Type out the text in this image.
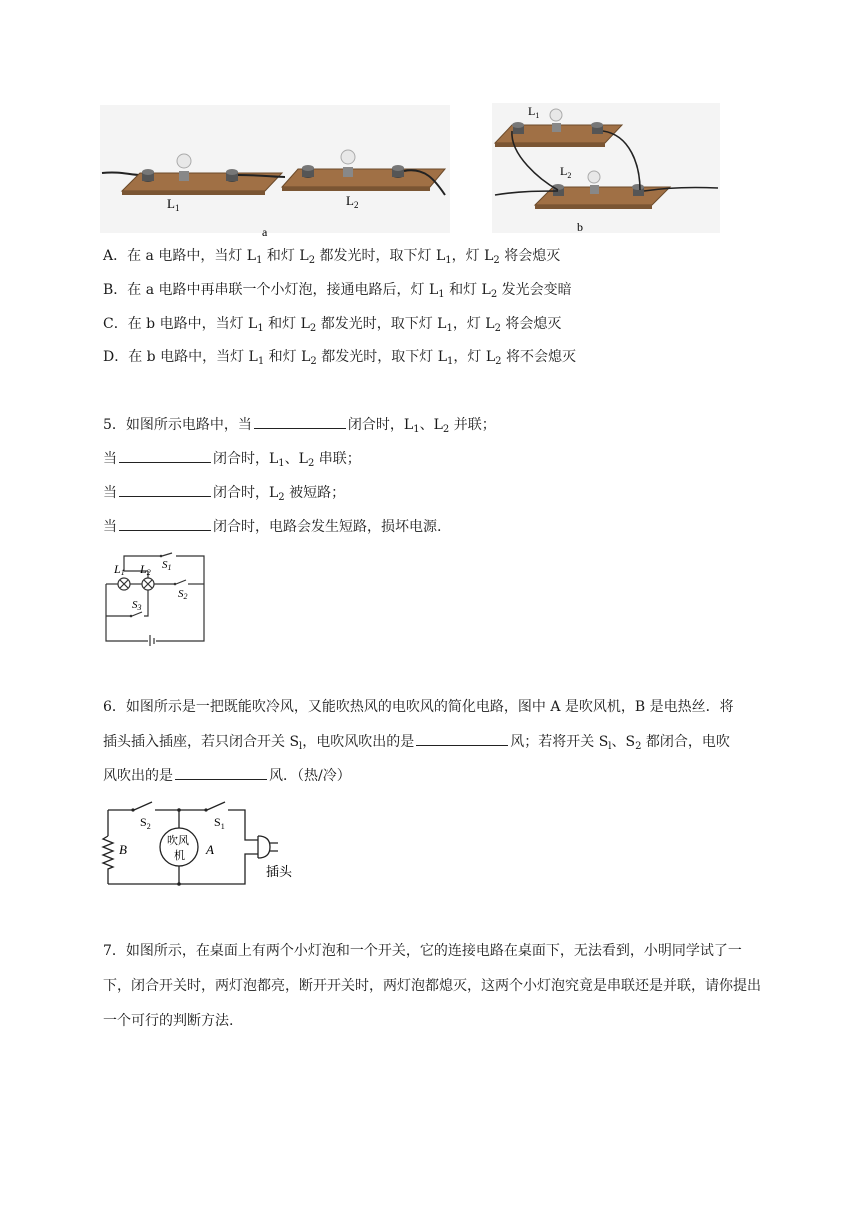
$L_1$	$L_2$
a
$L_1$
$L_2$
b
A．在 a 电路中，当灯 $L_1$ 和灯 $L_2$ 都发光时，取下灯 $L_1$，灯 $L_2$ 将会熄灭
B．在 a 电路中再串联一个小灯泡，接通电路后，灯 $L_1$ 和灯 $L_2$ 发光会变暗
C．在 b 电路中，当灯 $L_1$ 和灯 $L_2$ 都发光时，取下灯 $L_1$，灯 $L_2$ 将会熄灭
D．在 b 电路中，当灯 $L_1$ 和灯 $L_2$ 都发光时，取下灯 $L_1$，灯 $L_2$ 将不会熄灭
5．如图所示电路中，当	闭合时，$L_1$、$L_2$ 并联；
当	闭合时，$L_1$、$L_2$ 串联；
当	闭合时，$L_2$ 被短路；
当	闭合时，电路会发生短路，损坏电源.
L1 L2
S1
S2
S3
6．如图所示是一把既能吹冷风，又能吹热风的电吹风的简化电路，图中 A 是吹风机，B 是电热丝．将
插头插入插座，若只闭合开关 $S_l$，电吹风吹出的是	风；若将开关 $S_l$、$S_2$ 都闭合，电吹
风吹出的是	风．（热/冷）
$S_2$	$S_1$
B	A
吹风
机
插头
7．如图所示，在桌面上有两个小灯泡和一个开关，它的连接电路在桌面下，无法看到，小明同学试了一下，闭合开关时，两灯泡都亮，断开开关时，两灯泡都熄灭，这两个小灯泡究竟是串联还是并联，请你提出一个可行的判断方法.
